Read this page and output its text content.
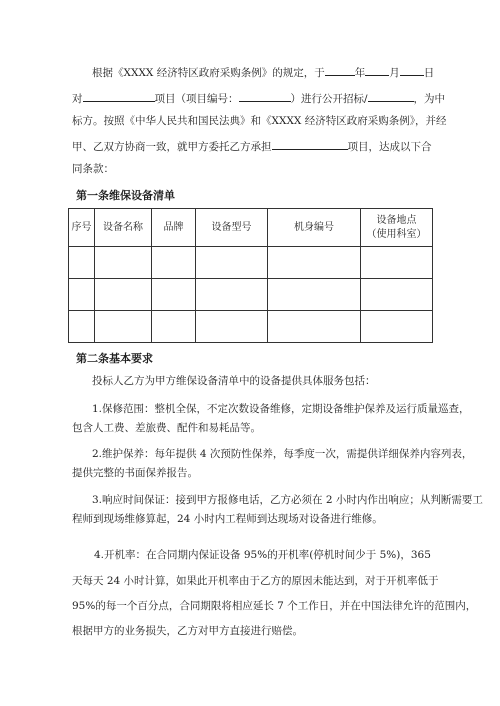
根据《XXXX 经济特区政府采购条例》的规定，于	年 月 日
对	项目（项目编号：	）进行公开招标/	，为中
标方。按照《中华人民共和国民法典》和《XXXX 经济特区政府采购条例》，并经
甲、乙双方协商一致，就甲方委托乙方承担	项目，达成以下合
同条款：
第一条维保设备清单
序号	设备名称	品牌	设备型号	机身编号	设备地点
（使用科室）

第二条基本要求
投标人乙方为甲方维保设备清单中的设备提供具体服务包括：
1.保修范围：整机全保，不定次数设备维修，定期设备维护保养及运行质量巡查，
包含人工费、差旅费、配件和易耗品等。
2.维护保养：每年提供 4 次预防性保养，每季度一次，需提供详细保养内容列表，
提供完整的书面保养报告。
3.响应时间保证：接到甲方报修电话，乙方必须在 2 小时内作出响应；从判断需要工
程师到现场维修算起，24 小时内工程师到达现场对设备进行维修。
4.开机率：在合同期内保证设备 95%的开机率(停机时间少于 5%)，365
天每天 24 小时计算，如果此开机率由于乙方的原因未能达到，对于开机率低于
95%的每一个百分点，合同期限将相应延长 7 个工作日，并在中国法律允许的范围内，
根据甲方的业务损失，乙方对甲方直接进行赔偿。
